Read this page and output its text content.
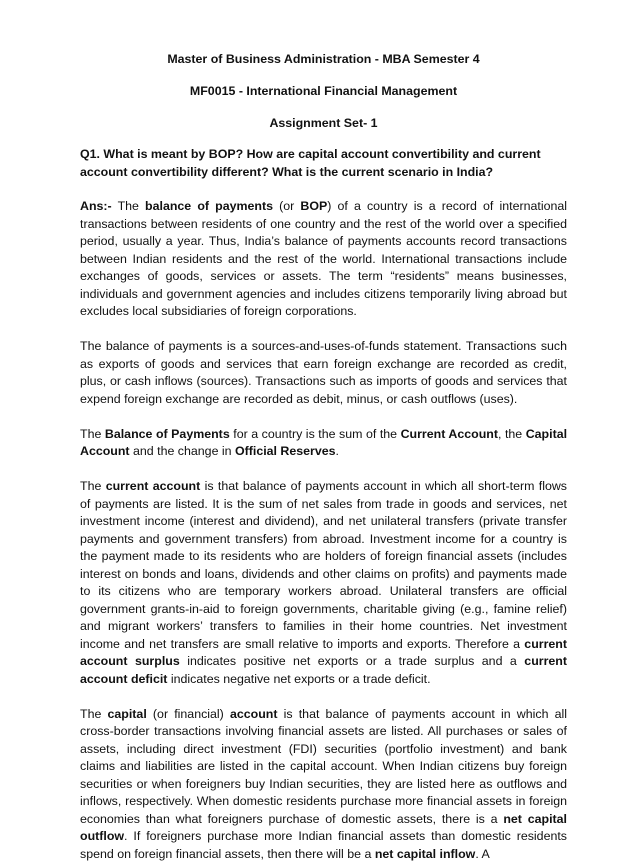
Master of Business Administration - MBA Semester 4
MF0015 - International Financial Management
Assignment Set- 1
Q1. What is meant by BOP? How are capital account convertibility and current account convertibility different? What is the current scenario in India?

Ans:- The balance of payments (or BOP) of a country is a record of international transactions between residents of one country and the rest of the world over a specified period, usually a year. Thus, India’s balance of payments accounts record transactions between Indian residents and the rest of the world. International transactions include exchanges of goods, services or assets. The term “residents” means businesses, individuals and government agencies and includes citizens temporarily living abroad but excludes local subsidiaries of foreign corporations.

The balance of payments is a sources-and-uses-of-funds statement. Transactions such as exports of goods and services that earn foreign exchange are recorded as credit, plus, or cash inflows (sources). Transactions such as imports of goods and services that expend foreign exchange are recorded as debit, minus, or cash outflows (uses).

The Balance of Payments for a country is the sum of the Current Account, the Capital Account and the change in Official Reserves.

The current account is that balance of payments account in which all short-term flows of payments are listed. It is the sum of net sales from trade in goods and services, net investment income (interest and dividend), and net unilateral transfers (private transfer payments and government transfers) from abroad. Investment income for a country is the payment made to its residents who are holders of foreign financial assets (includes interest on bonds and loans, dividends and other claims on profits) and payments made to its citizens who are temporary workers abroad. Unilateral transfers are official government grants-in-aid to foreign governments, charitable giving (e.g., famine relief) and migrant workers’ transfers to families in their home countries. Net investment income and net transfers are small relative to imports and exports. Therefore a current account surplus indicates positive net exports or a trade surplus and a current account deficit indicates negative net exports or a trade deficit.

The capital (or financial) account is that balance of payments account in which all cross-border transactions involving financial assets are listed. All purchases or sales of assets, including direct investment (FDI) securities (portfolio investment) and bank claims and liabilities are listed in the capital account. When Indian citizens buy foreign securities or when foreigners buy Indian securities, they are listed here as outflows and inflows, respectively. When domestic residents purchase more financial assets in foreign economies than what foreigners purchase of domestic assets, there is a net capital outflow. If foreigners purchase more Indian financial assets than domestic residents spend on foreign financial assets, then there will be a net capital inflow. A
